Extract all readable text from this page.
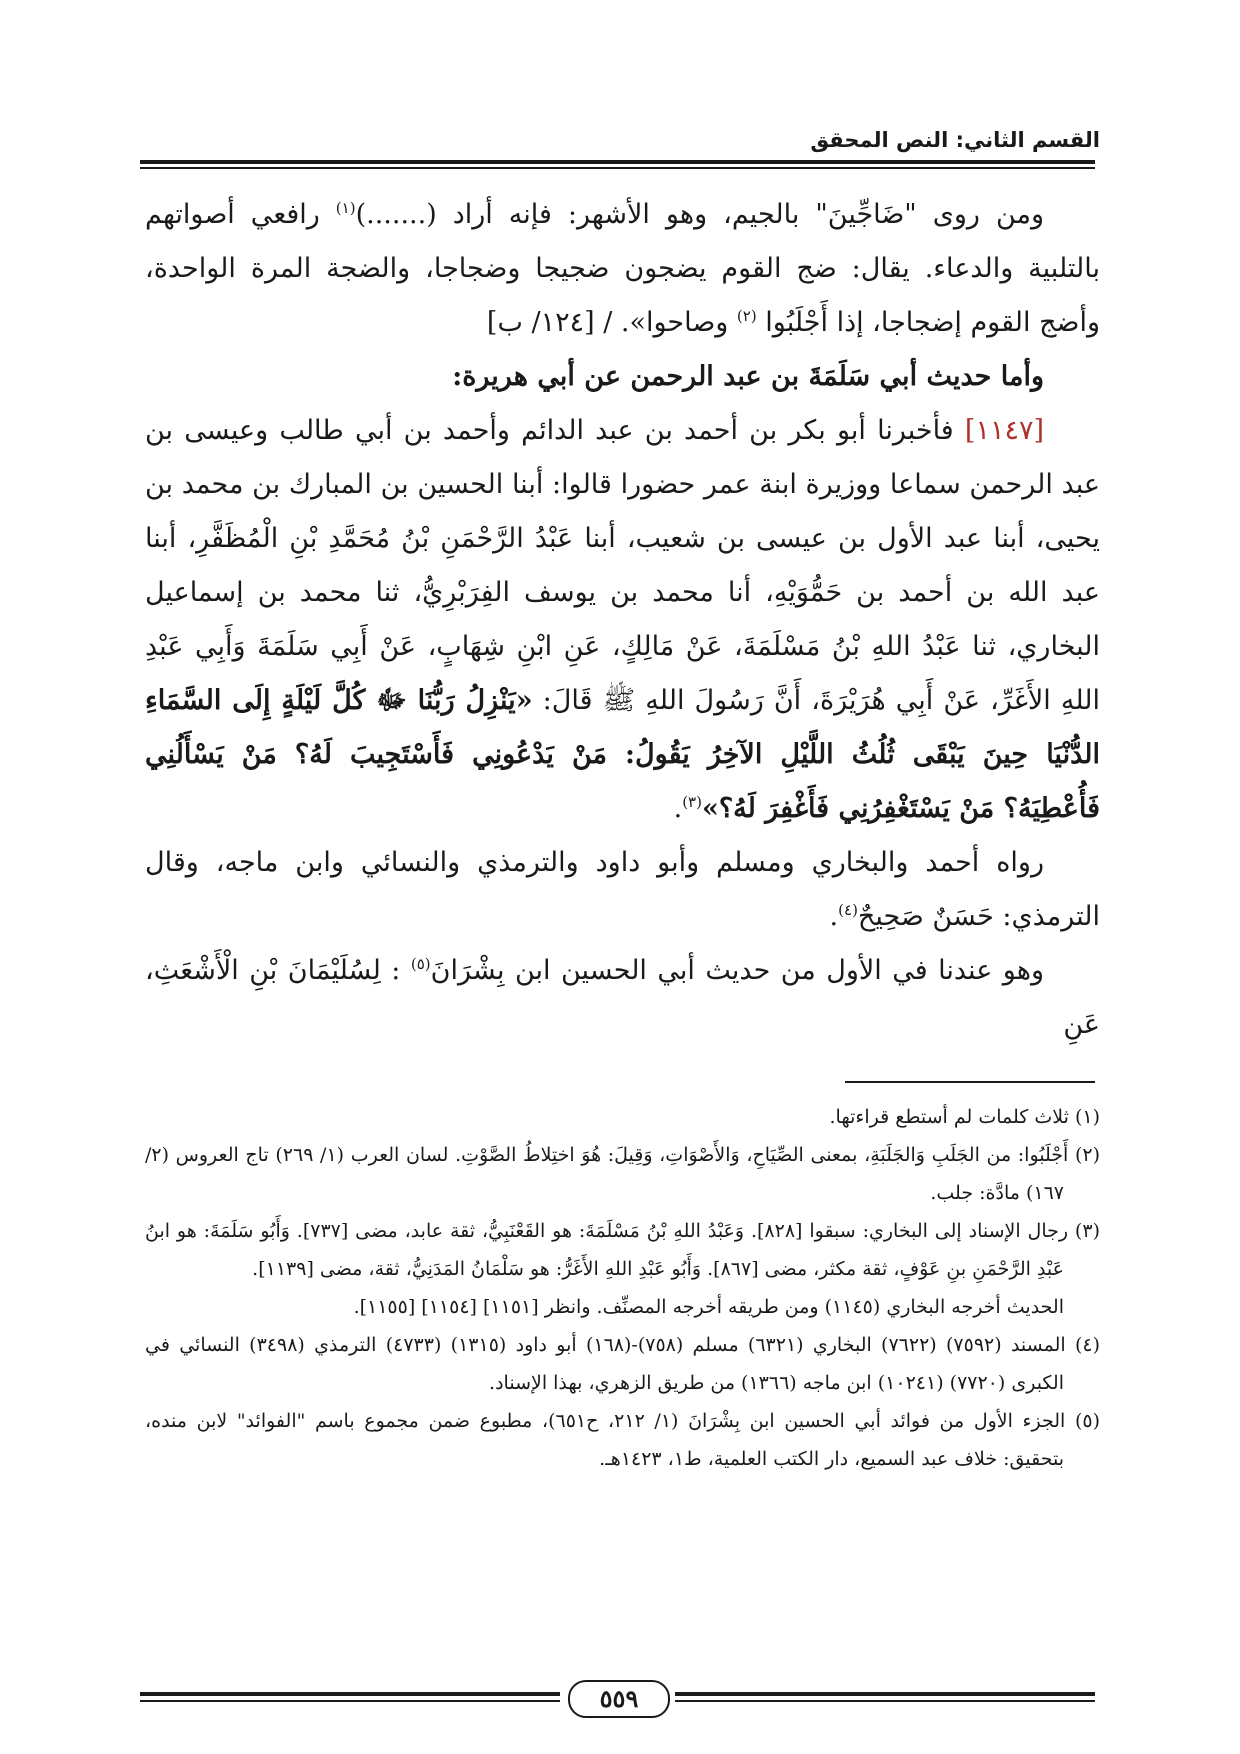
القسم الثاني: النص المحقق

ومن روى "ضَاجِّينَ" بالجيم، وهو الأشهر: فإنه أراد (.......)$^{(١)}$ رافعي أصواتهم بالتلبية والدعاء. يقال: ضج القوم يضجون ضجيجا وضجاجا، والضجة المرة الواحدة، وأضج القوم إضجاجا، إذا أَجْلَبُوا $^{(٢)}$ وصاحوا». / [١٢٤/ ب]

وأما حديث أبي سَلَمَةَ بن عبد الرحمن عن أبي هريرة:

[١١٤٧] فأخبرنا أبو بكر بن أحمد بن عبد الدائم وأحمد بن أبي طالب وعيسى بن عبد الرحمن سماعا ووزيرة ابنة عمر حضورا قالوا: أبنا الحسين بن المبارك بن محمد بن يحيى، أبنا عبد الأول بن عيسى بن شعيب، أبنا عَبْدُ الرَّحْمَنِ بْنُ مُحَمَّدِ بْنِ الْمُظَفَّرِ، أبنا عبد الله بن أحمد بن حَمُّوَيْهِ، أنا محمد بن يوسف الفِرَبْرِيُّ، ثنا محمد بن إسماعيل البخاري، ثنا عَبْدُ اللهِ بْنُ مَسْلَمَةَ، عَنْ مَالِكٍ، عَنِ ابْنِ شِهَابٍ، عَنْ أَبِي سَلَمَةَ وَأَبِي عَبْدِ اللهِ الأَغَرِّ، عَنْ أَبِي هُرَيْرَةَ، أَنَّ رَسُولَ اللهِ ﷺ قَالَ: «يَنْزِلُ رَبُّنَا ﷻ كُلَّ لَيْلَةٍ إِلَى السَّمَاءِ الدُّنْيَا حِينَ يَبْقَى ثُلُثُ اللَّيْلِ الآخِرُ يَقُولُ: مَنْ يَدْعُونِي فَأَسْتَجِيبَ لَهُ؟ مَنْ يَسْأَلُنِي فَأُعْطِيَهُ؟ مَنْ يَسْتَغْفِرُنِي فَأَغْفِرَ لَهُ؟»$^{(٣)}$.

رواه أحمد والبخاري ومسلم وأبو داود والترمذي والنسائي وابن ماجه، وقال الترمذي: حَسَنٌ صَحِيحٌ$^{(٤)}$.

وهو عندنا في الأول من حديث أبي الحسين ابن بِشْرَانَ$^{(٥)}$ : لِسُلَيْمَانَ بْنِ الْأَشْعَثِ، عَنِ

(١) ثلاث كلمات لم أستطع قراءتها.

(٢) أَجْلَبُوا: من الجَلَبِ وَالجَلَبَةِ، بمعنى الصِّيَاحِ، وَالأَصْوَاتِ، وَقِيلَ: هُوَ اختِلاطُ الصَّوْتِ. لسان العرب (١/ ٢٦٩) تاج العروس (٢/ ١٦٧) مادَّة: جلب.

(٣) رجال الإسناد إلى البخاري: سبقوا [٨٢٨]. وَعَبْدُ اللهِ بْنُ مَسْلَمَةَ: هو القَعْنَبِيُّ، ثقة عابد، مضى [٧٣٧]. وَأَبُو سَلَمَةَ: هو ابنُ عَبْدِ الرَّحْمَنِ بنِ عَوْفٍ، ثقة مكثر، مضى [٨٦٧]. وَأَبُو عَبْدِ اللهِ الأَغَرُّ: هو سَلْمَانُ المَدَنِيُّ، ثقة، مضى [١١٣٩].

الحديث أخرجه البخاري (١١٤٥) ومن طريقه أخرجه المصنِّف. وانظر [١١٥١] [١١٥٤] [١١٥٥].

(٤) المسند (٧٥٩٢) (٧٦٢٢) البخاري (٦٣٢١) مسلم (٧٥٨)-(١٦٨) أبو داود (١٣١٥) (٤٧٣٣) الترمذي (٣٤٩٨) النسائي في الكبرى (٧٧٢٠) (١٠٢٤١) ابن ماجه (١٣٦٦) من طريق الزهري، بهذا الإسناد.

(٥) الجزء الأول من فوائد أبي الحسين ابن بِشْرَانَ (١/ ٢١٢، ح٦٥١)، مطبوع ضمن مجموع باسم "الفوائد" لابن منده، بتحقيق: خلاف عبد السميع، دار الكتب العلمية، ط١، ١٤٢٣هـ.

٥٥٩
